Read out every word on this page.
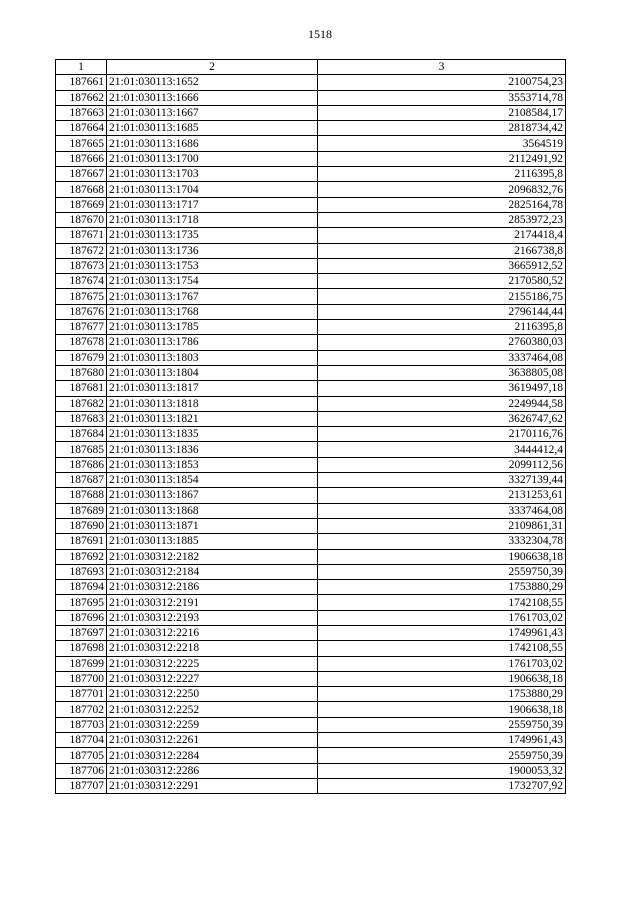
1518
1	2	3
187661	21:01:030113:1652	2100754,23
187662	21:01:030113:1666	3553714,78
187663	21:01:030113:1667	2108584,17
187664	21:01:030113:1685	2818734,42
187665	21:01:030113:1686	3564519
187666	21:01:030113:1700	2112491,92
187667	21:01:030113:1703	2116395,8
187668	21:01:030113:1704	2096832,76
187669	21:01:030113:1717	2825164,78
187670	21:01:030113:1718	2853972,23
187671	21:01:030113:1735	2174418,4
187672	21:01:030113:1736	2166738,8
187673	21:01:030113:1753	3665912,52
187674	21:01:030113:1754	2170580,52
187675	21:01:030113:1767	2155186,75
187676	21:01:030113:1768	2796144,44
187677	21:01:030113:1785	2116395,8
187678	21:01:030113:1786	2760380,03
187679	21:01:030113:1803	3337464,08
187680	21:01:030113:1804	3638805,08
187681	21:01:030113:1817	3619497,18
187682	21:01:030113:1818	2249944,58
187683	21:01:030113:1821	3626747,62
187684	21:01:030113:1835	2170116,76
187685	21:01:030113:1836	3444412,4
187686	21:01:030113:1853	2099112,56
187687	21:01:030113:1854	3327139,44
187688	21:01:030113:1867	2131253,61
187689	21:01:030113:1868	3337464,08
187690	21:01:030113:1871	2109861,31
187691	21:01:030113:1885	3332304,78
187692	21:01:030312:2182	1906638,18
187693	21:01:030312:2184	2559750,39
187694	21:01:030312:2186	1753880,29
187695	21:01:030312:2191	1742108,55
187696	21:01:030312:2193	1761703,02
187697	21:01:030312:2216	1749961,43
187698	21:01:030312:2218	1742108,55
187699	21:01:030312:2225	1761703,02
187700	21:01:030312:2227	1906638,18
187701	21:01:030312:2250	1753880,29
187702	21:01:030312:2252	1906638,18
187703	21:01:030312:2259	2559750,39
187704	21:01:030312:2261	1749961,43
187705	21:01:030312:2284	2559750,39
187706	21:01:030312:2286	1900053,32
187707	21:01:030312:2291	1732707,92
